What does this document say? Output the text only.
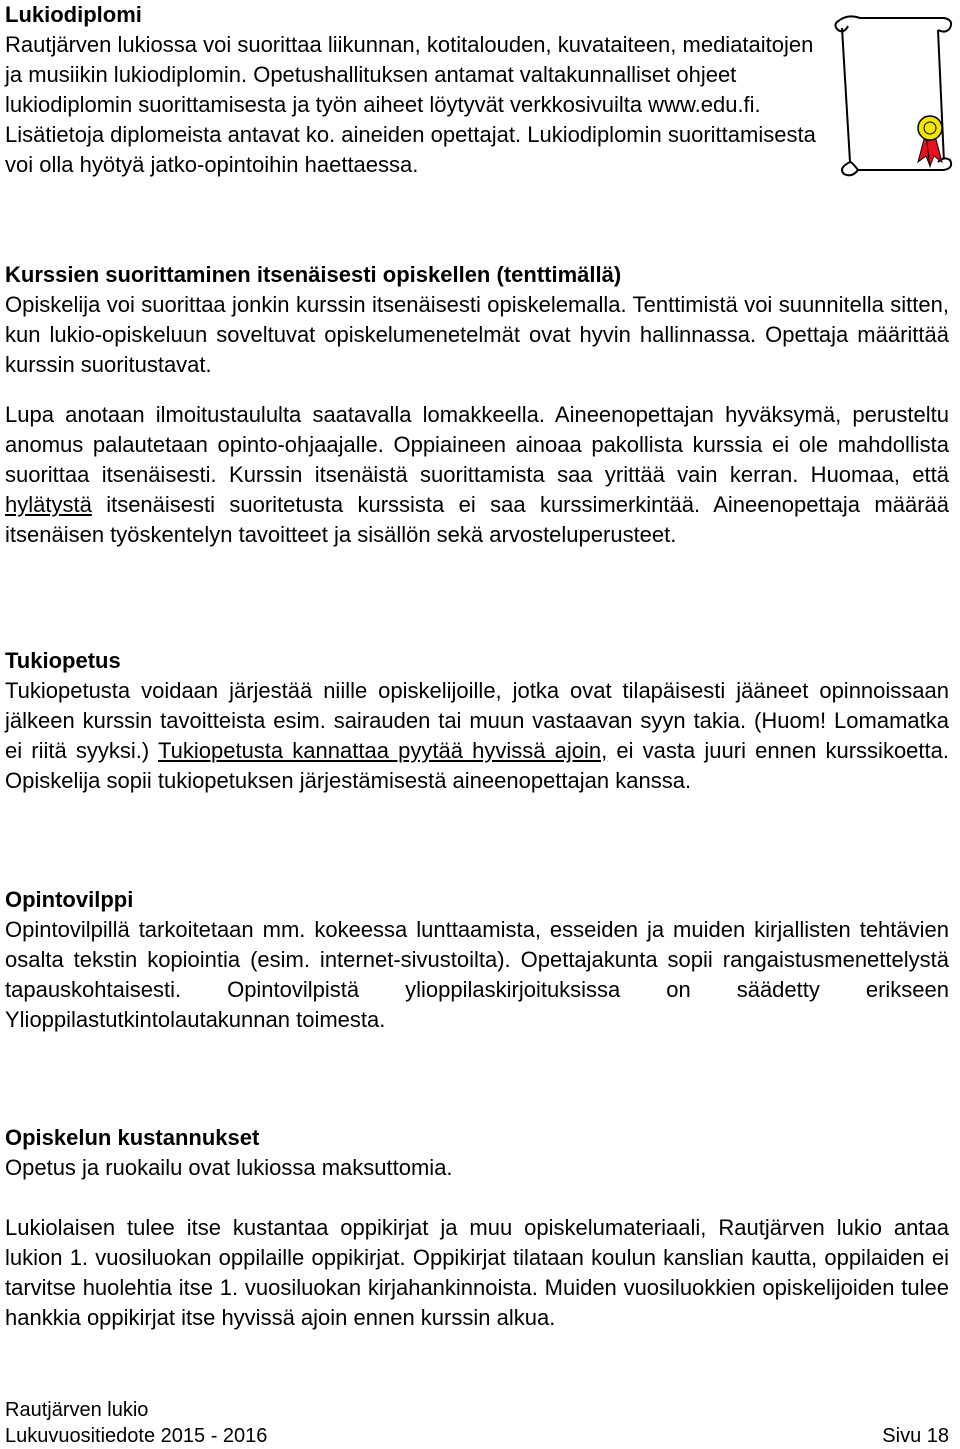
Lukiodiplomi

Rautjärven lukiossa voi suorittaa liikunnan, kotitalouden, kuvataiteen, mediataitojen ja musiikin lukiodiplomin. Opetushallituksen antamat valtakunnalliset ohjeet lukiodiplomin suorittamisesta ja työn aiheet löytyvät verkkosivuilta www.edu.fi. Lisätietoja diplomeista antavat ko. aineiden opettajat. Lukiodiplomin suorittamisesta voi olla hyötyä jatko-opintoihin haettaessa.

Kurssien suorittaminen itsenäisesti opiskellen (tenttimällä)

Opiskelija voi suorittaa jonkin kurssin itsenäisesti opiskelemalla. Tenttimistä voi suunnitella sitten, kun lukio-opiskeluun soveltuvat opiskelumenetelmät ovat hyvin hallinnassa. Opettaja määrittää kurssin suoritustavat.

Lupa anotaan ilmoitustaululta saatavalla lomakkeella. Aineenopettajan hyväksymä, perusteltu anomus palautetaan opinto-ohjaajalle. Oppiaineen ainoaa pakollista kurssia ei ole mahdollista suorittaa itsenäisesti. Kurssin itsenäistä suorittamista saa yrittää vain kerran. Huomaa, että hylätystä itsenäisesti suoritetusta kurssista ei saa kurssimerkintää. Aineenopettaja määrää itsenäisen työskentelyn tavoitteet ja sisällön sekä arvosteluperusteet.

Tukiopetus

Tukiopetusta voidaan järjestää niille opiskelijoille, jotka ovat tilapäisesti jääneet opinnoissaan jälkeen kurssin tavoitteista esim. sairauden tai muun vastaavan syyn takia. (Huom! Lomamatka ei riitä syyksi.) Tukiopetusta kannattaa pyytää hyvissä ajoin, ei vasta juuri ennen kurssikoetta. Opiskelija sopii tukiopetuksen järjestämisestä aineenopettajan kanssa.

Opintovilppi

Opintovilpillä tarkoitetaan mm. kokeessa lunttaamista, esseiden ja muiden kirjallisten tehtävien osalta tekstin kopiointia (esim. internet-sivustoilta). Opettajakunta sopii rangaistusmenettelystä tapauskohtaisesti. Opintovilpistä ylioppilaskirjoituksissa on säädetty erikseen Ylioppilastutkintolautakunnan toimesta.

Opiskelun kustannukset

Opetus ja ruokailu ovat lukiossa maksuttomia.

Lukiolaisen tulee itse kustantaa oppikirjat ja muu opiskelumateriaali, Rautjärven lukio antaa lukion 1. vuosiluokan oppilaille oppikirjat. Oppikirjat tilataan koulun kanslian kautta, oppilaiden ei tarvitse huolehtia itse 1. vuosiluokan kirjahankinnoista. Muiden vuosiluokkien opiskelijoiden tulee hankkia oppikirjat itse hyvissä ajoin ennen kurssin alkua.

Rautjärven lukio
Lukuvuositiedote 2015 - 2016	Sivu 18
